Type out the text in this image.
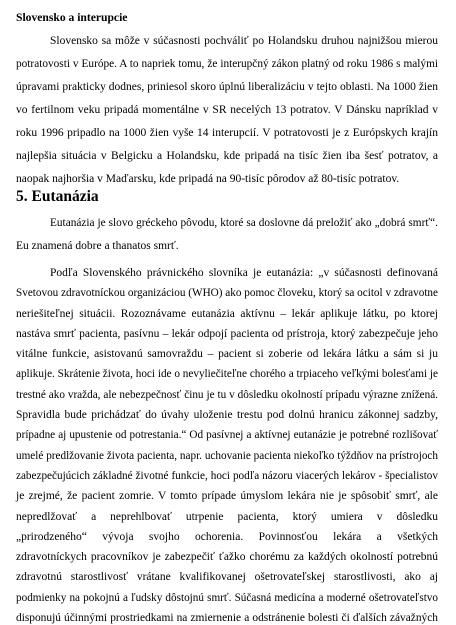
Slovensko a interupcie

Slovensko sa môže v súčasnosti pochváliť po Holandsku druhou najnižšou mierou

potratovosti v Európe. A to napriek tomu, že interupčný zákon platný od roku 1986 s malými

úpravami prakticky dodnes, priniesol skoro úplnú liberalizáciu v tejto oblasti. Na 1000 žien

vo fertilnom veku pripadá momentálne v SR necelých 13 potratov. V Dánsku napríklad v

roku 1996 pripadlo na 1000 žien vyše 14 interupcií. V potratovosti je z Európskych krajín

najlepšia situácia v Belgicku a Holandsku, kde pripadá na tisíc žien iba šesť potratov, a

naopak najhoršia v Maďarsku, kde pripadá na 90-tisíc pôrodov až 80-tisíc potratov.

5. Eutanázia

Eutanázia je slovo gréckeho pôvodu, ktoré sa doslovne dá preložiť ako „dobrá smrť“.

Eu znamená dobre a thanatos smrť.

Podľa Slovenského právnického slovníka je eutanázia: „v súčasnosti definovaná

Svetovou zdravotníckou organizáciou (WHO) ako pomoc človeku, ktorý sa ocitol v zdravotne

neriešiteľnej situácii. Rozoznávame eutanázia aktívnu – lekár aplikuje látku, po ktorej

nastáva smrť pacienta, pasívnu – lekár odpojí pacienta od prístroja, ktorý zabezpečuje jeho

vitálne funkcie, asistovanú samovraždu – pacient si zoberie od lekára látku a sám si ju

aplikuje. Skrátenie života, hoci ide o nevyliečiteľne chorého a trpiaceho veľkými bolesťami je

trestné ako vražda, ale nebezpečnosť činu je tu v dôsledku okolností prípadu výrazne znížená.

Spravidla bude prichádzať do úvahy uloženie trestu pod dolnú hranicu zákonnej sadzby,

prípadne aj upustenie od potrestania.“ Od pasívnej a aktívnej eutanázie je potrebné rozlišovať

umelé predlžovanie života pacienta, napr. uchovanie pacienta niekoľko týždňov na prístrojoch

zabezpečujúcich základné životné funkcie, hoci podľa názoru viacerých lekárov - špecialistov

je zrejmé, že pacient zomrie. V tomto prípade úmyslom lekára nie je spôsobiť smrť, ale

nepredlžovať a neprehlbovať utrpenie pacienta, ktorý umiera v dôsledku

„prirodzeného“ vývoja svojho ochorenia. Povinnosťou lekára a všetkých

zdravotníckych pracovníkov je zabezpečiť ťažko chorému za každých okolností potrebnú

zdravotnú starostlivosť vrátane kvalifikovanej ošetrovateľskej starostlivosti, ako aj

podmienky na pokojnú a ľudsky dôstojnú smrť. Súčasná medicína a moderné ošetrovateľstvo

disponujú účinnými prostriedkami na zmiernenie a odstránenie bolesti či ďalších závažných
